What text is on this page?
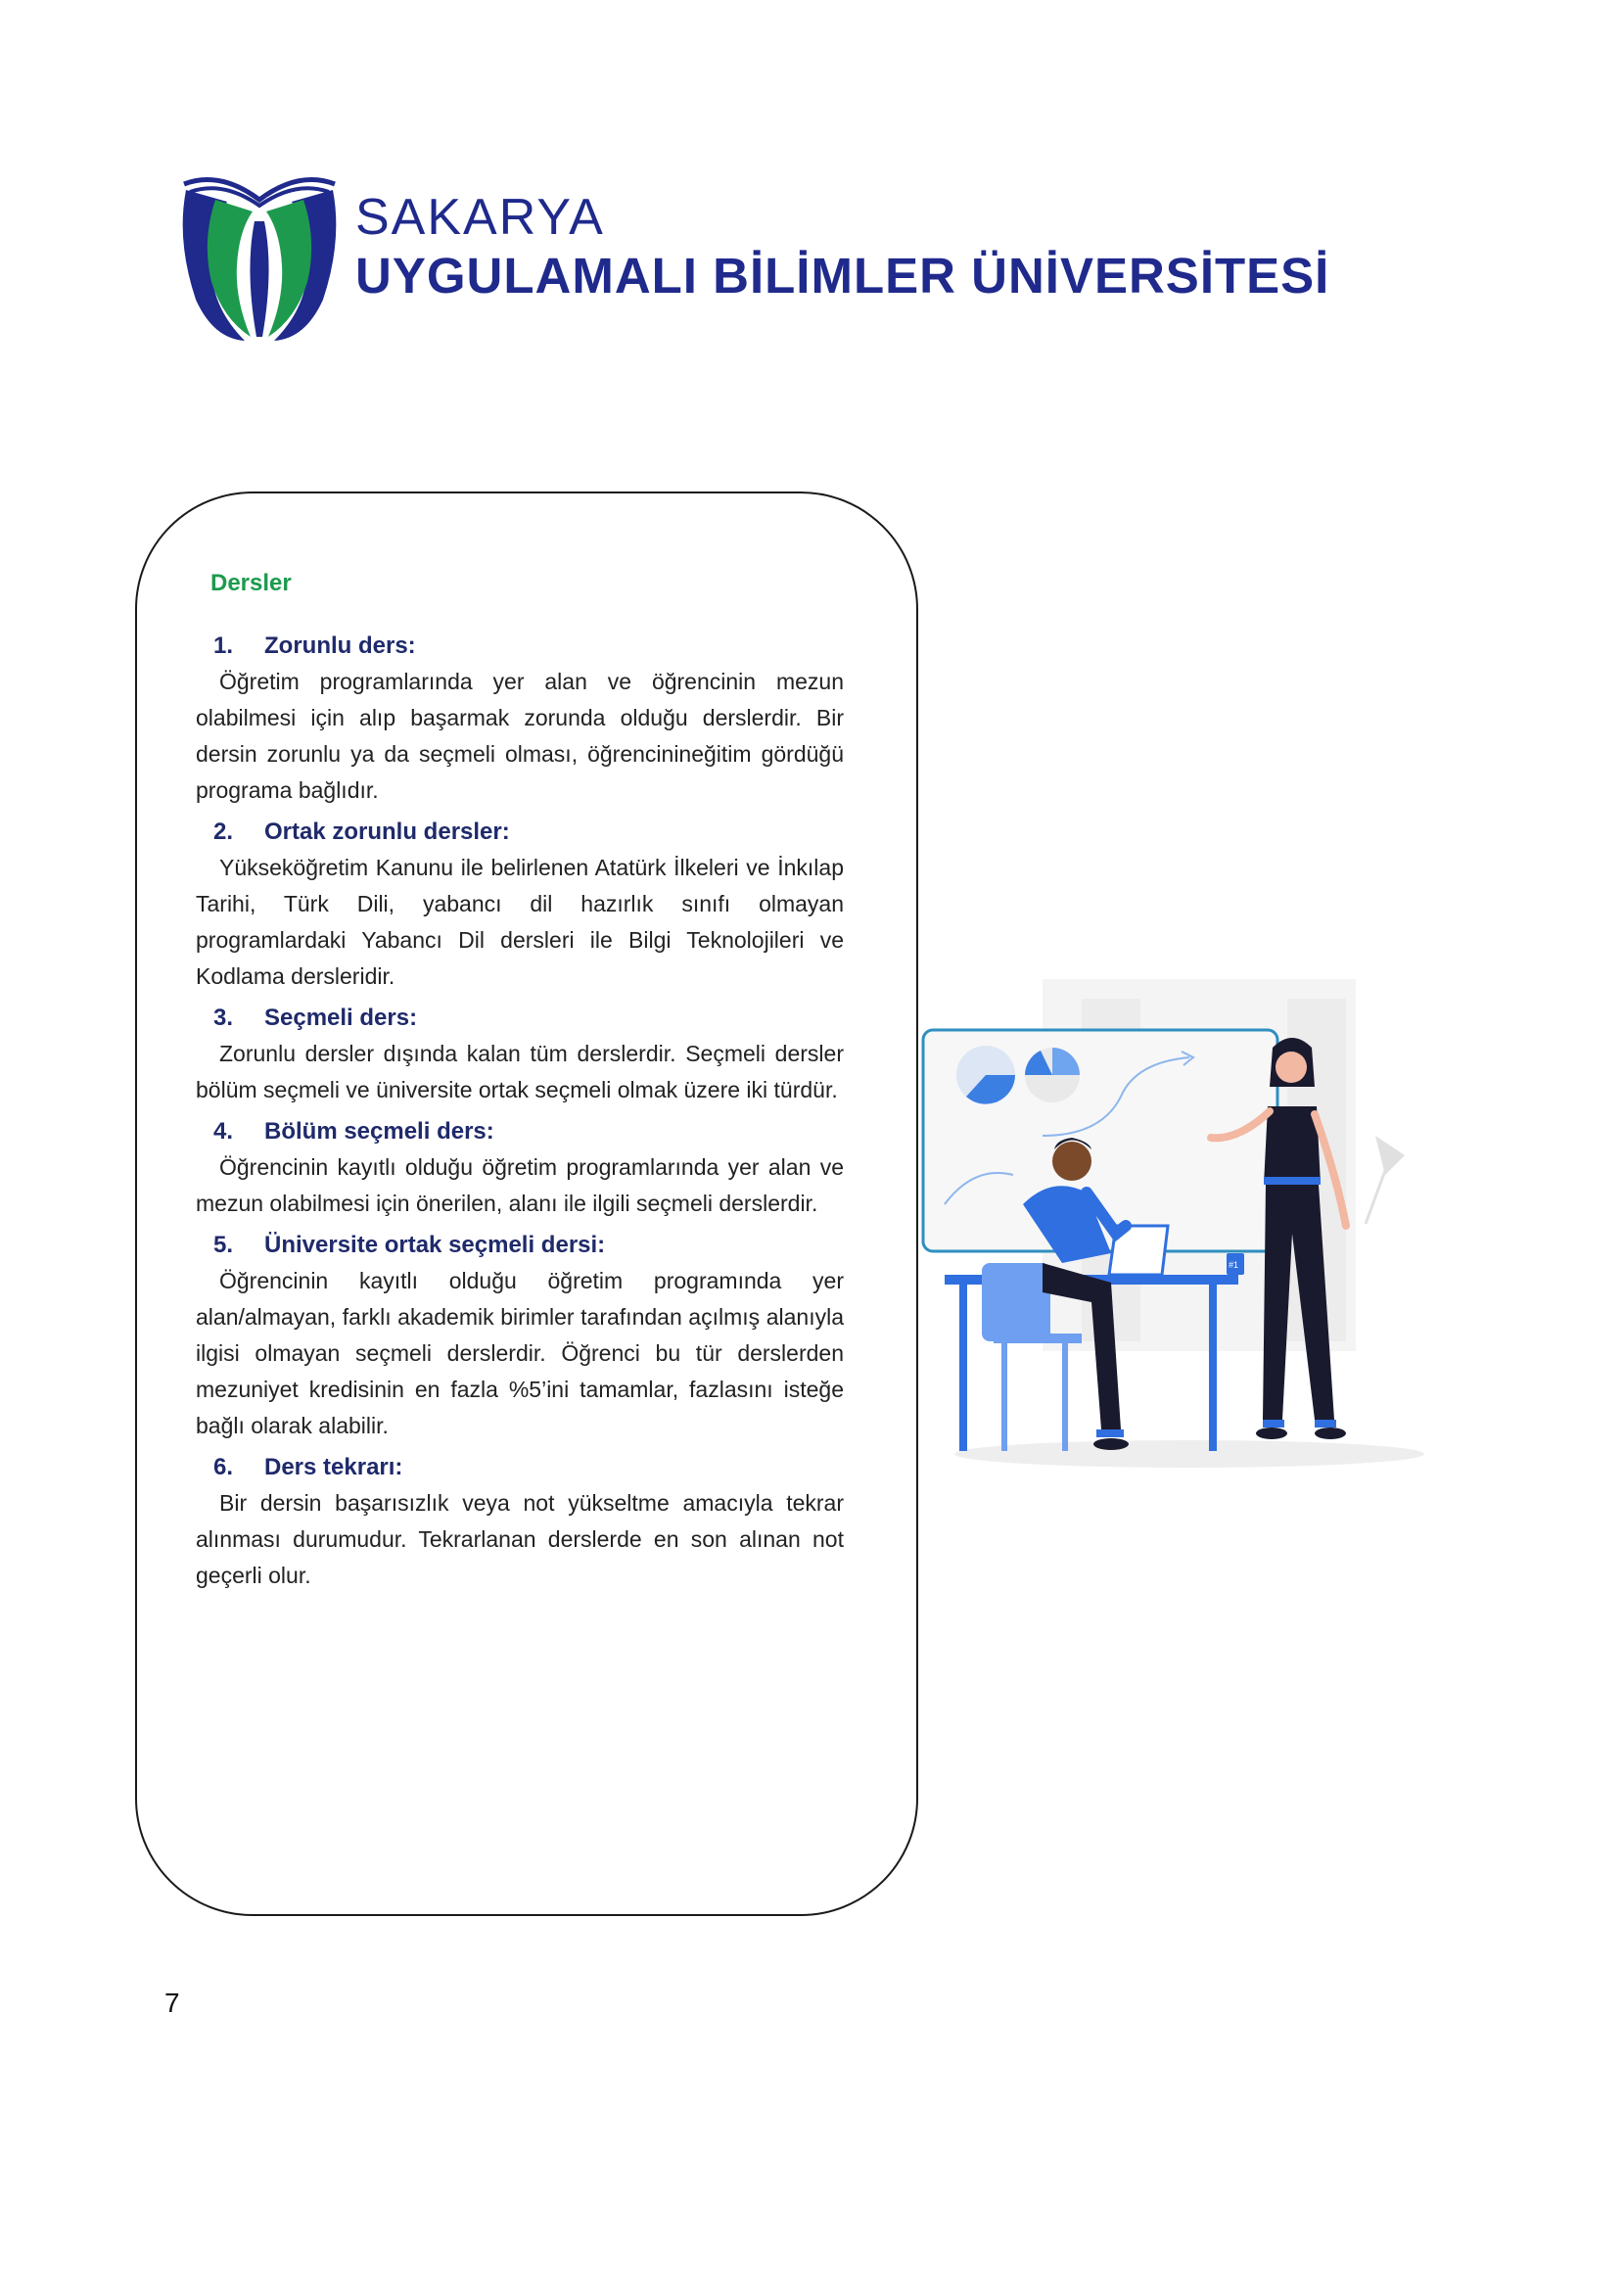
SAKARYA
UYGULAMALI BİLİMLER ÜNİVERSİTESİ
Dersler
1.	Zorunlu ders:

Öğretim programlarında yer alan ve öğrencinin mezun olabilmesi için alıp başarmak zorunda olduğu derslerdir. Bir dersin zorunlu ya da seçmeli olması, öğrencinineğitim gördüğü programa bağlıdır.

2.	Ortak zorunlu dersler:

Yükseköğretim Kanunu ile belirlenen Atatürk İlkeleri ve İnkılap Tarihi, Türk Dili, yabancı dil hazırlık sınıfı olmayan programlardaki Yabancı Dil dersleri ile Bilgi Teknolojileri ve Kodlama dersleridir.

3.	Seçmeli ders:

Zorunlu dersler dışında kalan tüm derslerdir. Seçmeli dersler bölüm seçmeli ve üniversite ortak seçmeli olmak üzere iki türdür.

4.	Bölüm seçmeli ders:

Öğrencinin kayıtlı olduğu öğretim programlarında yer alan ve mezun olabilmesi için önerilen, alanı ile ilgili seçmeli derslerdir.

5.	Üniversite ortak seçmeli dersi:

Öğrencinin kayıtlı olduğu öğretim programında yer alan/almayan, farklı akademik birimler tarafından açılmış alanıyla ilgisi olmayan seçmeli derslerdir. Öğrenci bu tür derslerden mezuniyet kredisinin en fazla %5’ini tamamlar, fazlasını isteğe bağlı olarak alabilir.

6.	Ders tekrarı:

Bir dersin başarısızlık veya not yükseltme amacıyla tekrar alınması durumudur. Tekrarlanan derslerde en son alınan not geçerli olur.

#1
7
